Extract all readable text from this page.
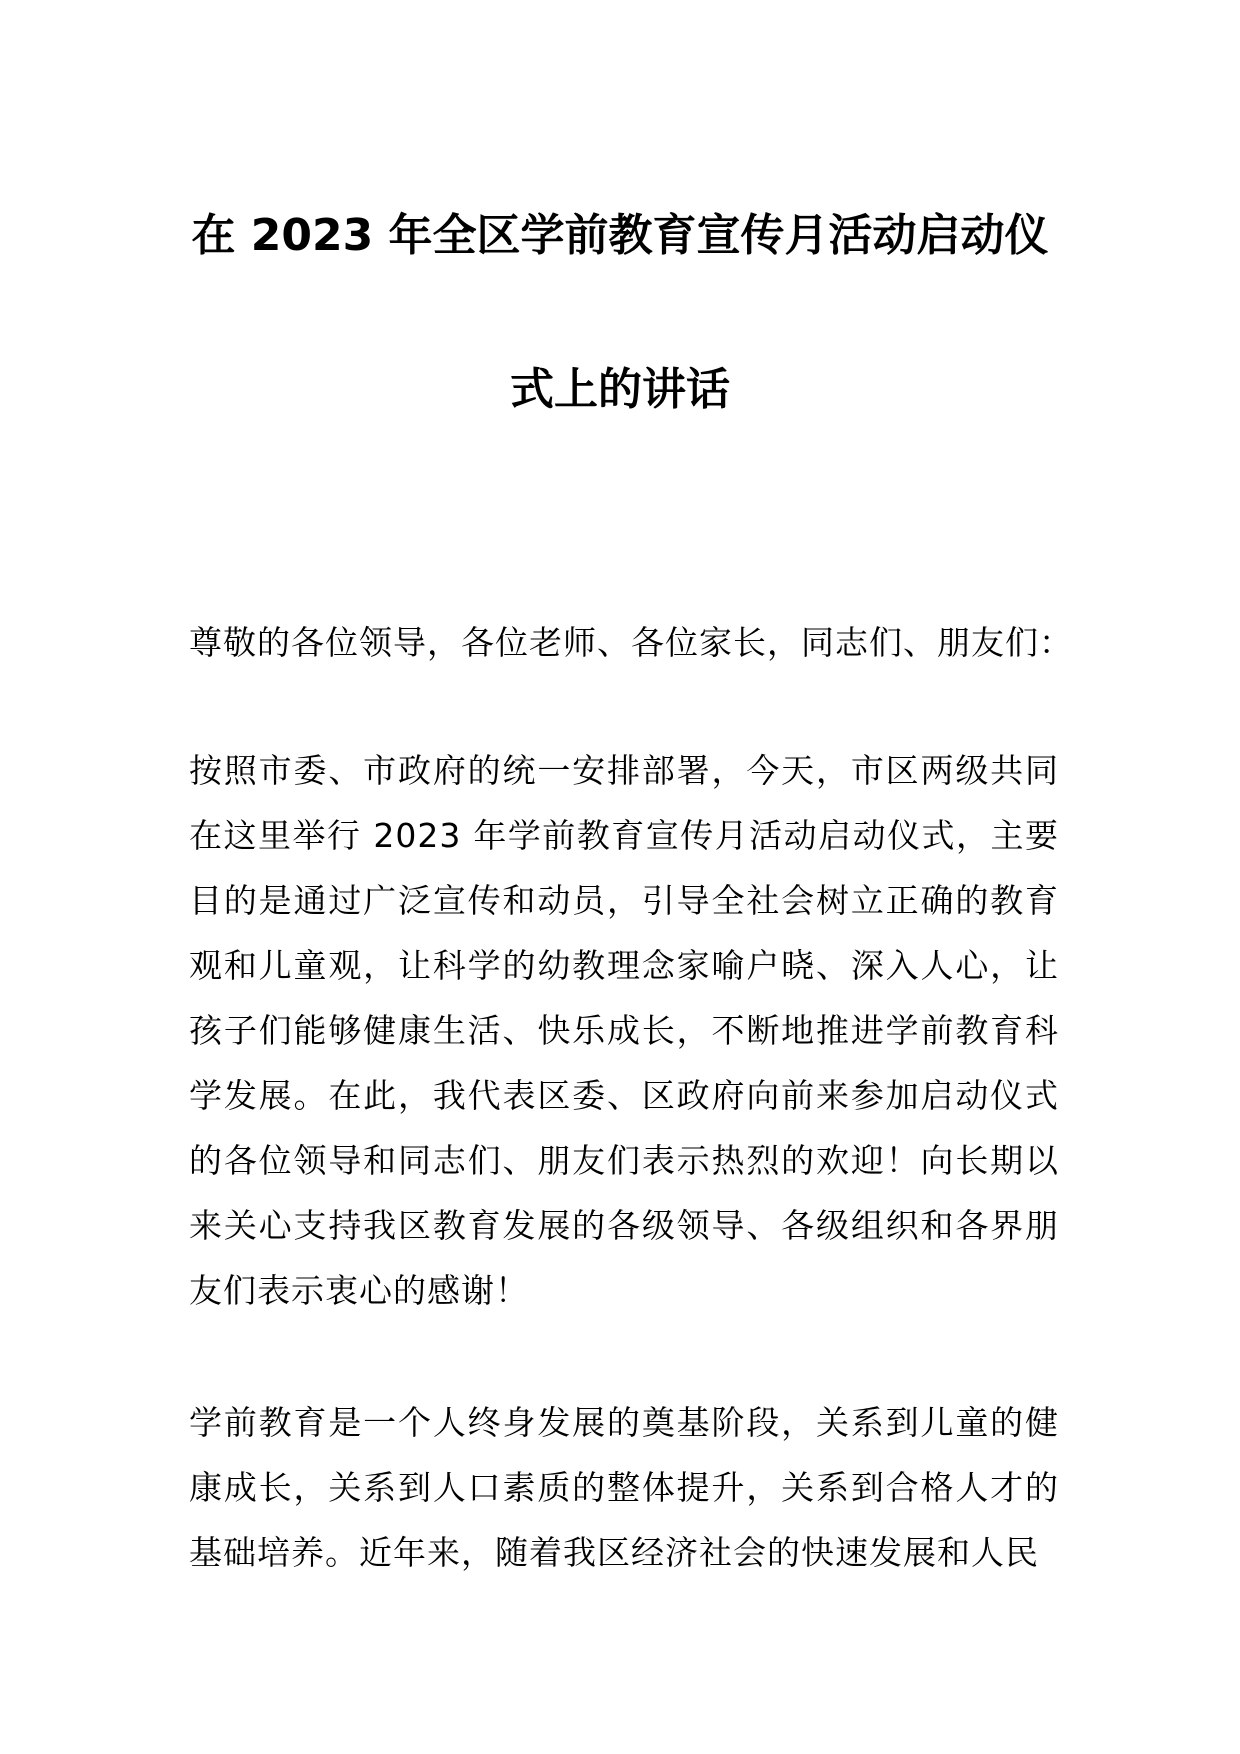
在 2023 年全区学前教育宣传月活动启动仪
式上的讲话

尊敬的各位领导，各位老师、各位家长，同志们、朋友们：

按照市委、市政府的统一安排部署，今天，市区两级共同在这里举行 2023 年学前教育宣传月活动启动仪式，主要目的是通过广泛宣传和动员，引导全社会树立正确的教育观和儿童观，让科学的幼教理念家喻户晓、深入人心，让孩子们能够健康生活、快乐成长，不断地推进学前教育科学发展。在此，我代表区委、区政府向前来参加启动仪式的各位领导和同志们、朋友们表示热烈的欢迎！向长期以来关心支持我区教育发展的各级领导、各级组织和各界朋友们表示衷心的感谢！

学前教育是一个人终身发展的奠基阶段，关系到儿童的健康成长，关系到人口素质的整体提升，关系到合格人才的基础培养。近年来，随着我区经济社会的快速发展和人民
